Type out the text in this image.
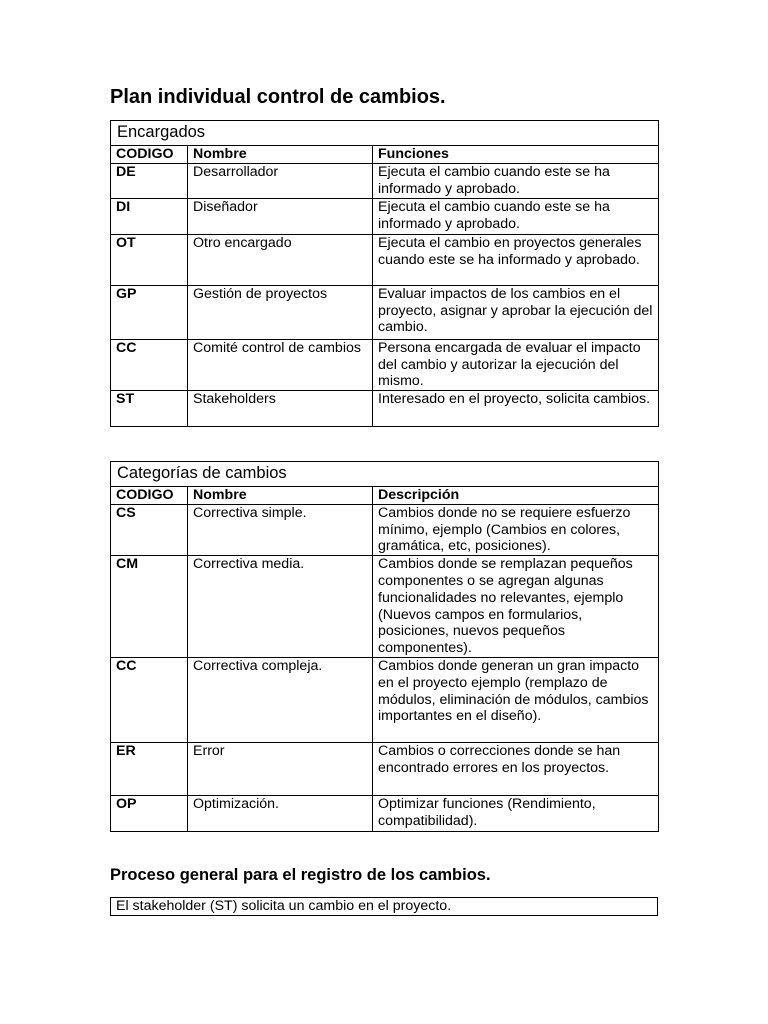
Plan individual control de cambios.
Encargados		
CODIGO	Nombre	Funciones
DE	Desarrollador	Ejecuta el cambio cuando este se ha informado y aprobado.
DI	Diseñador	Ejecuta el cambio cuando este se ha informado y aprobado.
OT	Otro encargado	Ejecuta el cambio en proyectos generales cuando este se ha informado y aprobado.
GP	Gestión de proyectos	Evaluar impactos de los cambios en el proyecto, asignar y aprobar la ejecución del cambio.
CC	Comité control de cambios	Persona encargada de evaluar el impacto del cambio y autorizar la ejecución del mismo.
ST	Stakeholders	Interesado en el proyecto, solicita cambios.
Categorías de cambios		
CODIGO	Nombre	Descripción
CS	Correctiva simple.	Cambios donde no se requiere esfuerzo mínimo, ejemplo (Cambios en colores, gramática, etc, posiciones).
CM	Correctiva media.	Cambios donde se remplazan pequeños componentes o se agregan algunas funcionalidades no relevantes, ejemplo (Nuevos campos en formularios, posiciones, nuevos pequeños componentes).
CC	Correctiva compleja.	Cambios donde generan un gran impacto en el proyecto ejemplo (remplazo de módulos, eliminación de módulos, cambios importantes en el diseño).
ER	Error	Cambios o correcciones donde se han encontrado errores en los proyectos.
OP	Optimización.	Optimizar funciones (Rendimiento, compatibilidad).
Proceso general para el registro de los cambios.
El stakeholder (ST) solicita un cambio en el proyecto.
